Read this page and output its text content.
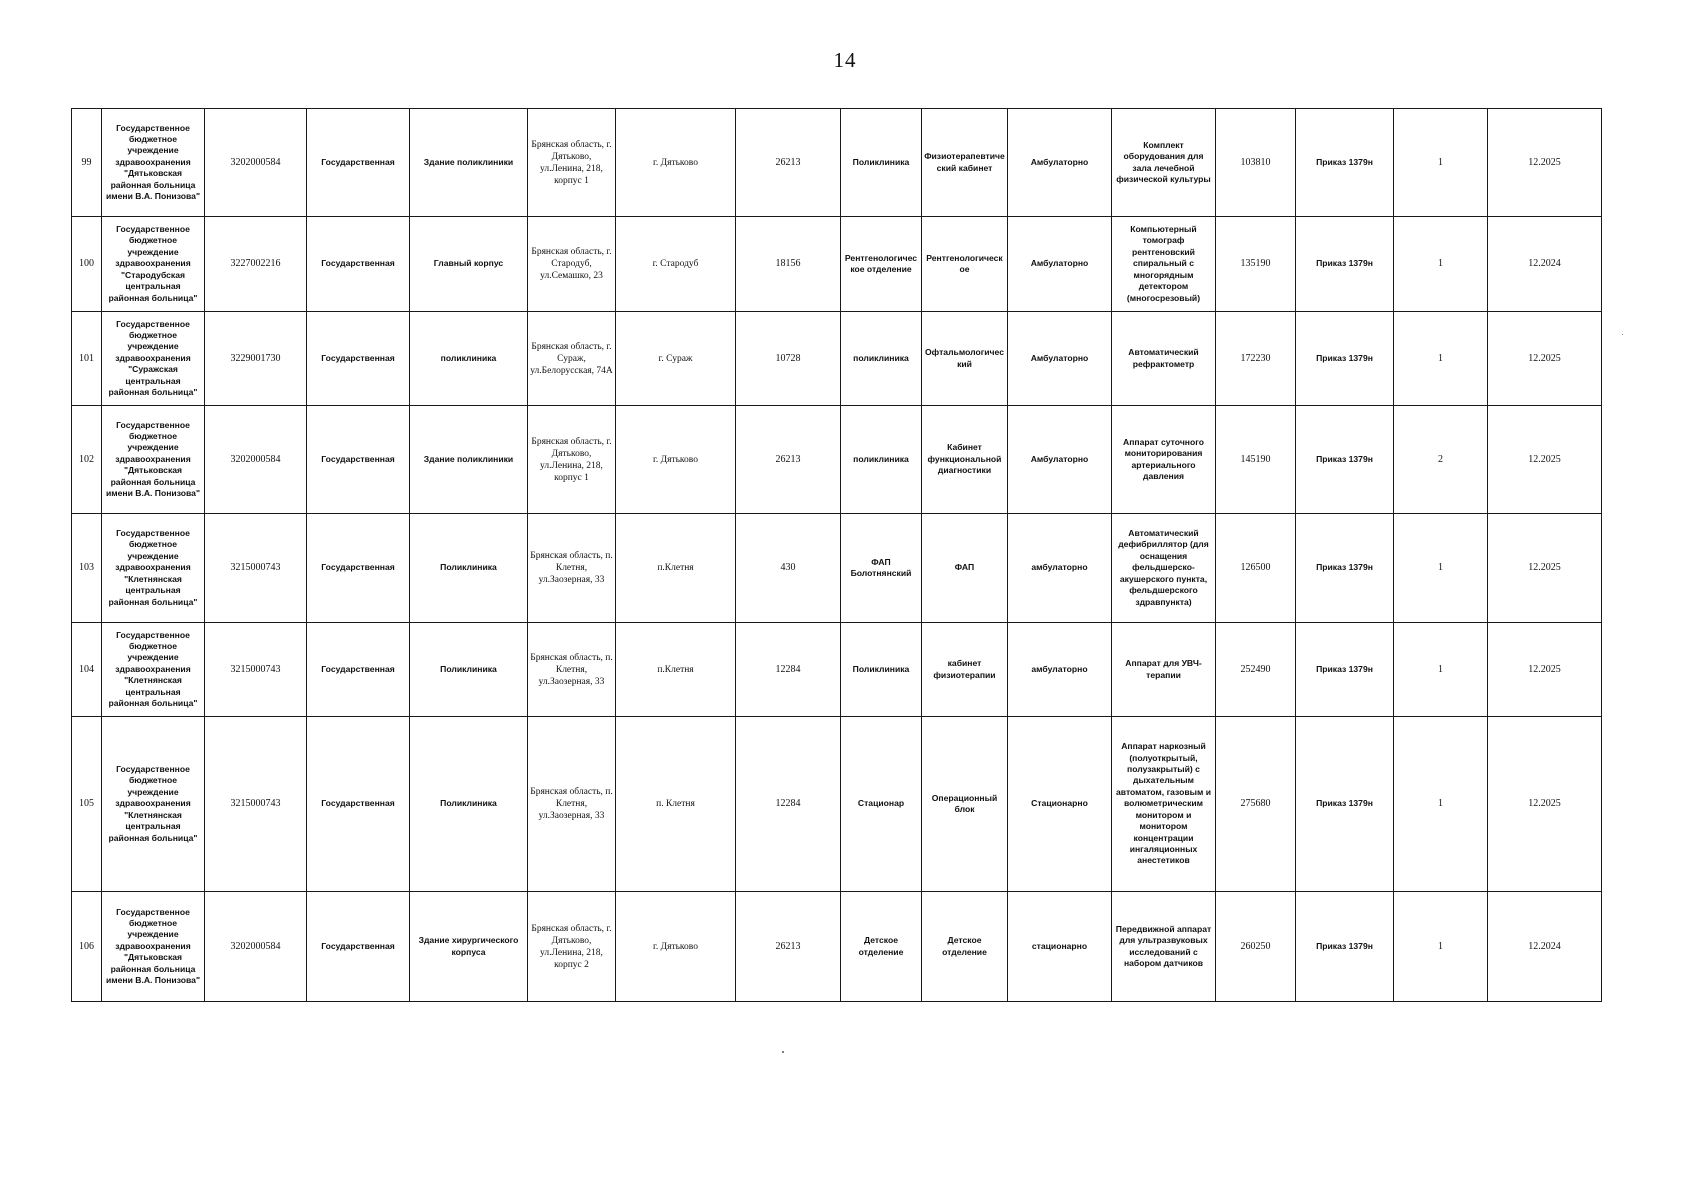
14
99	Государственное бюджетное учреждение здравоохранения "Дятьковская районная больница имени В.А. Понизова"	3202000584	Государственная	Здание поликлиники	Брянская область, г. Дятьково, ул.Ленина, 218, корпус 1	г. Дятьково	26213	Поликлиника	Физиотерапевтический кабинет	Амбулаторно	Комплект оборудования для зала лечебной физической культуры	103810	Приказ 1379н	1	12.2025
100	Государственное бюджетное учреждение здравоохранения "Стародубская центральная районная больница"	3227002216	Государственная	Главный корпус	Брянская область, г. Стародуб, ул.Семашко, 23	г. Стародуб	18156	Рентгенологическое отделение	Рентгенологическое	Амбулаторно	Компьютерный томограф рентгеновский спиральный с многорядным детектором (многосрезовый)	135190	Приказ 1379н	1	12.2024
101	Государственное бюджетное учреждение здравоохранения "Суражская центральная районная больница"	3229001730	Государственная	поликлиника	Брянская область, г. Сураж, ул.Белорусская, 74А	г. Сураж	10728	поликлиника	Офтальмологический	Амбулаторно	Автоматический рефрактометр	172230	Приказ 1379н	1	12.2025
102	Государственное бюджетное учреждение здравоохранения "Дятьковская районная больница имени В.А. Понизова"	3202000584	Государственная	Здание поликлиники	Брянская область, г. Дятьково, ул.Ленина, 218, корпус 1	г. Дятьково	26213	поликлиника	Кабинет функциональной диагностики	Амбулаторно	Аппарат суточного мониторирования артериального давления	145190	Приказ 1379н	2	12.2025
103	Государственное бюджетное учреждение здравоохранения "Клетнянская центральная районная больница"	3215000743	Государственная	Поликлиника	Брянская область, п. Клетня, ул.Заозерная, 33	п.Клетня	430	ФАП Болотнянский	ФАП	амбулаторно	Автоматический дефибриллятор (для оснащения фельдшерско-акушерского пункта, фельдшерского здравпункта)	126500	Приказ 1379н	1	12.2025
104	Государственное бюджетное учреждение здравоохранения "Клетнянская центральная районная больница"	3215000743	Государственная	Поликлиника	Брянская область, п. Клетня, ул.Заозерная, 33	п.Клетня	12284	Поликлиника	кабинет физиотерапии	амбулаторно	Аппарат для УВЧ-терапии	252490	Приказ 1379н	1	12.2025
105	Государственное бюджетное учреждение здравоохранения "Клетнянская центральная районная больница"	3215000743	Государственная	Поликлиника	Брянская область, п. Клетня, ул.Заозерная, 33	п. Клетня	12284	Стационар	Операционный блок	Стационарно	Аппарат наркозный (полуоткрытый, полузакрытый) с дыхательным автоматом, газовым и волюметрическим монитором и монитором концентрации ингаляционных анестетиков	275680	Приказ 1379н	1	12.2025
106	Государственное бюджетное учреждение здравоохранения "Дятьковская районная больница имени В.А. Понизова"	3202000584	Государственная	Здание хирургического корпуса	Брянская область, г. Дятьково, ул.Ленина, 218, корпус 2	г. Дятьково	26213	Детское отделение	Детское отделение	стационарно	Передвижной аппарат для ультразвуковых исследований с набором датчиков	260250	Приказ 1379н	1	12.2024
